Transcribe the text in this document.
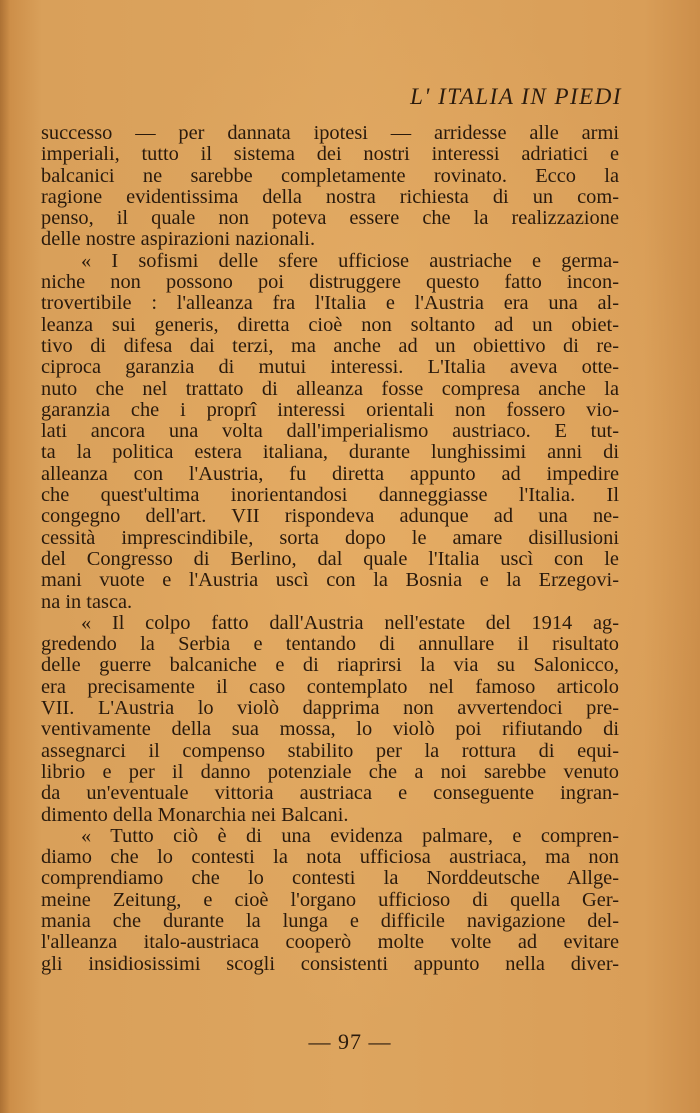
L' ITALIA IN PIEDI
successo — per dannata ipotesi — arridesse alle armi
imperiali, tutto il sistema dei nostri interessi adriatici e
balcanici ne sarebbe completamente rovinato. Ecco la
ragione evidentissima della nostra richiesta di un com-
penso, il quale non poteva essere che la realizzazione
delle nostre aspirazioni nazionali.
« I sofismi delle sfere ufficiose austriache e germa-
niche non possono poi distruggere questo fatto incon-
trovertibile : l'alleanza fra l'Italia e l'Austria era una al-
leanza sui generis, diretta cioè non soltanto ad un obiet-
tivo di difesa dai terzi, ma anche ad un obiettivo di re-
ciproca garanzia di mutui interessi. L'Italia aveva otte-
nuto che nel trattato di alleanza fosse compresa anche la
garanzia che i proprî interessi orientali non fossero vio-
lati ancora una volta dall'imperialismo austriaco. E tut-
ta la politica estera italiana, durante lunghissimi anni di
alleanza con l'Austria, fu diretta appunto ad impedire
che quest'ultima inorientandosi danneggiasse l'Italia. Il
congegno dell'art. VII rispondeva adunque ad una ne-
cessità imprescindibile, sorta dopo le amare disillusioni
del Congresso di Berlino, dal quale l'Italia uscì con le
mani vuote e l'Austria uscì con la Bosnia e la Erzegovi-
na in tasca.
« Il colpo fatto dall'Austria nell'estate del 1914 ag-
gredendo la Serbia e tentando di annullare il risultato
delle guerre balcaniche e di riaprirsi la via su Salonicco,
era precisamente il caso contemplato nel famoso articolo
VII. L'Austria lo violò dapprima non avvertendoci pre-
ventivamente della sua mossa, lo violò poi rifiutando di
assegnarci il compenso stabilito per la rottura di equi-
librio e per il danno potenziale che a noi sarebbe venuto
da un'eventuale vittoria austriaca e conseguente ingran-
dimento della Monarchia nei Balcani.
« Tutto ciò è di una evidenza palmare, e compren-
diamo che lo contesti la nota ufficiosa austriaca, ma non
comprendiamo che lo contesti la Norddeutsche Allge-
meine Zeitung, e cioè l'organo ufficioso di quella Ger-
mania che durante la lunga e difficile navigazione del-
l'alleanza italo-austriaca cooperò molte volte ad evitare
gli insidiosissimi scogli consistenti appunto nella diver-
— 97 —
